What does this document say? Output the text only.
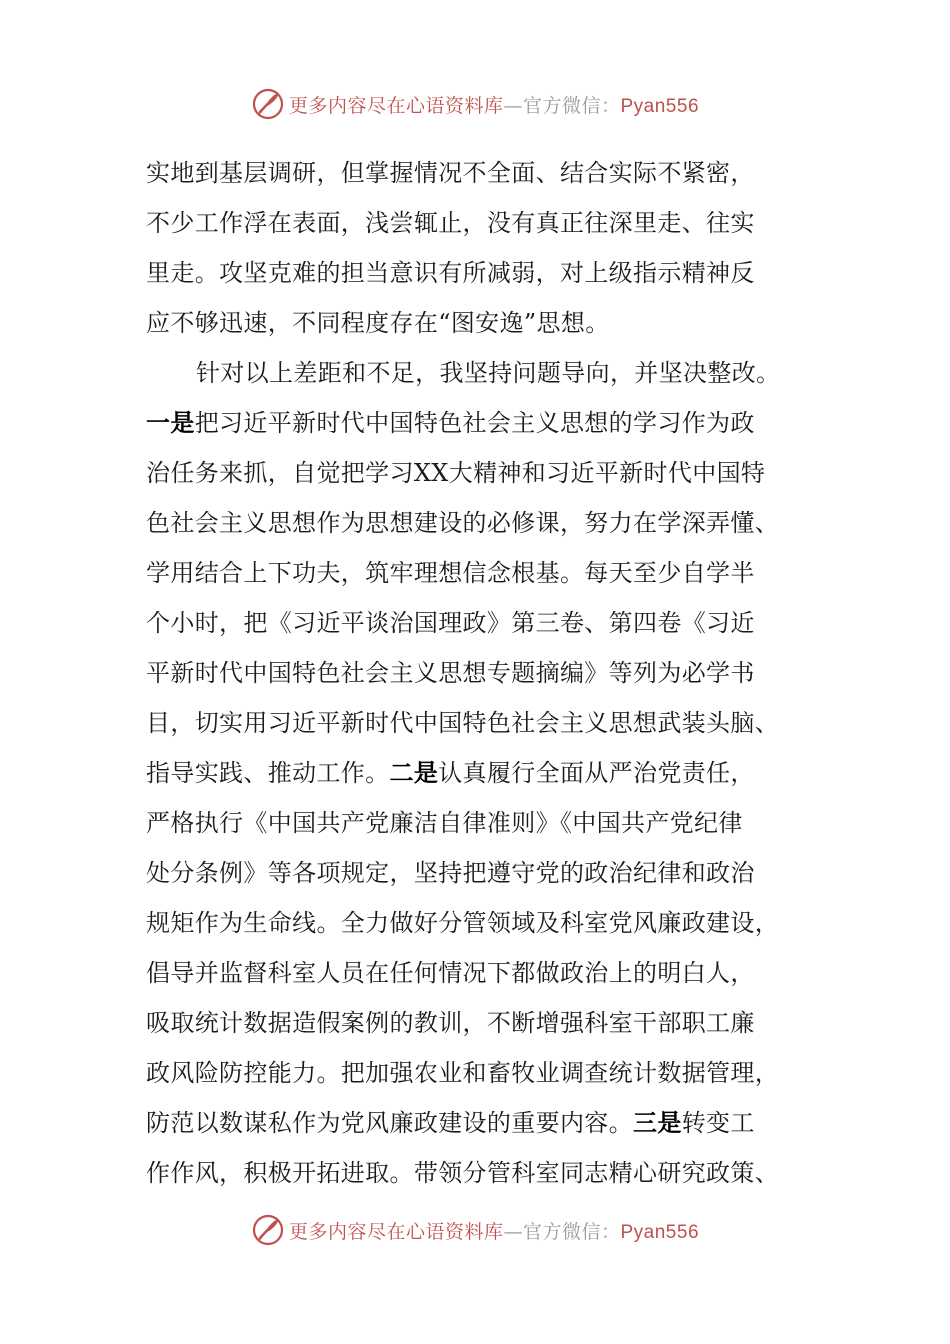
更多内容尽在心语资料库—官方微信：Pyan556
实地到基层调研，但掌握情况不全面、结合实际不紧密，
不少工作浮在表面，浅尝辄止，没有真正往深里走、往实
里走。攻坚克难的担当意识有所减弱，对上级指示精神反
应不够迅速，不同程度存在“图安逸”思想。
针对以上差距和不足，我坚持问题导向，并坚决整改。
一是把习近平新时代中国特色社会主义思想的学习作为政
治任务来抓，自觉把学习XX大精神和习近平新时代中国特
色社会主义思想作为思想建设的必修课，努力在学深弄懂、
学用结合上下功夫，筑牢理想信念根基。每天至少自学半
个小时，把《习近平谈治国理政》第三卷、第四卷《习近
平新时代中国特色社会主义思想专题摘编》等列为必学书
目，切实用习近平新时代中国特色社会主义思想武装头脑、
指导实践、推动工作。二是认真履行全面从严治党责任，
严格执行《中国共产党廉洁自律准则》《中国共产党纪律
处分条例》等各项规定，坚持把遵守党的政治纪律和政治
规矩作为生命线。全力做好分管领域及科室党风廉政建设，
倡导并监督科室人员在任何情况下都做政治上的明白人，
吸取统计数据造假案例的教训，不断增强科室干部职工廉
政风险防控能力。把加强农业和畜牧业调查统计数据管理，
防范以数谋私作为党风廉政建设的重要内容。三是转变工
作作风，积极开拓进取。带领分管科室同志精心研究政策、
更多内容尽在心语资料库—官方微信：Pyan556
